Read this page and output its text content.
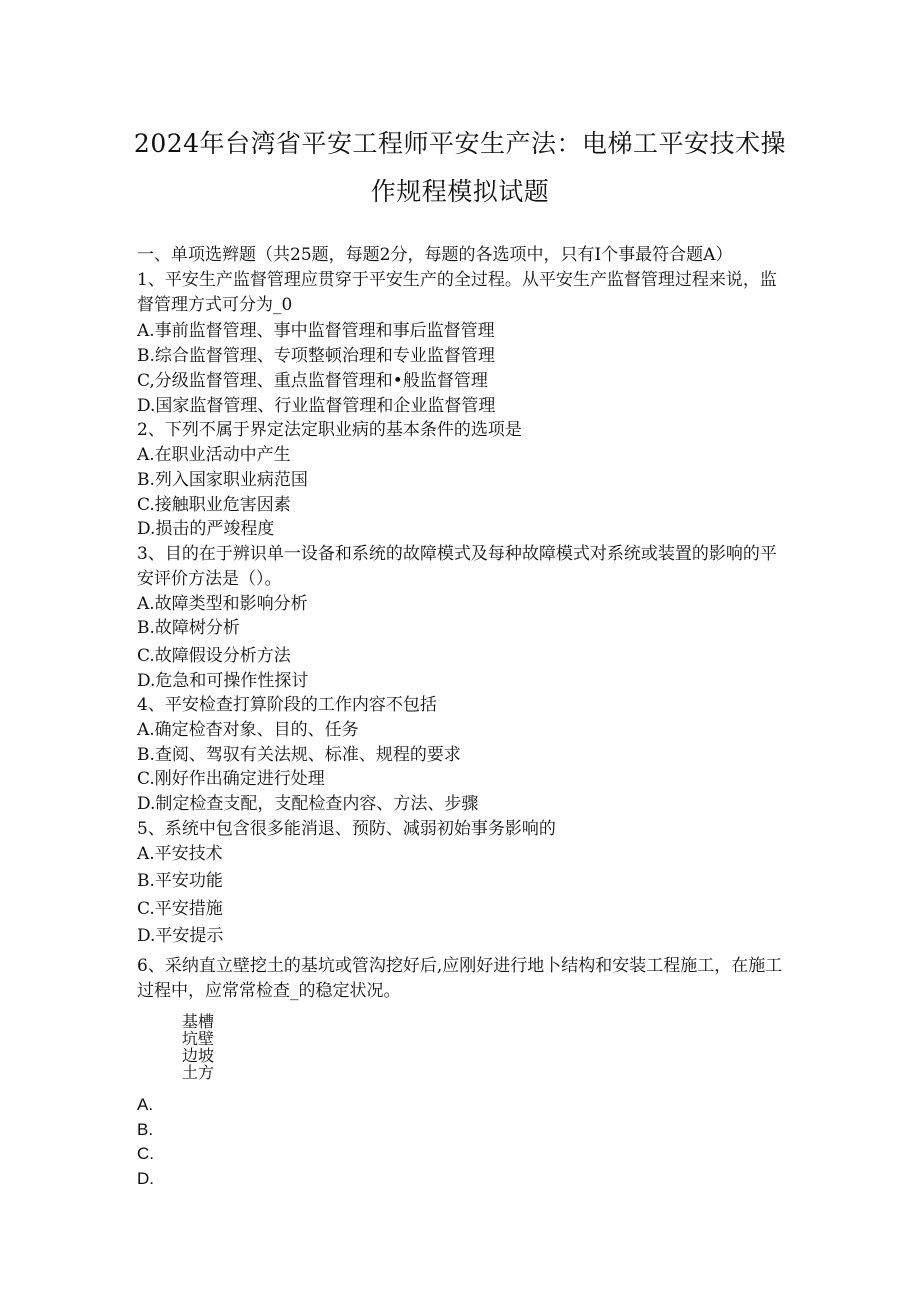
2024年台湾省平安工程师平安生产法：电梯工平安技术操
作规程模拟试题
一、单项选辫题（共25题，每题2分，每题的各选项中，只有I个事最符合题A）
1、平安生产监督管理应贯穿于平安生产的全过程。从平安生产监督管理过程来说，监督管理方式可分为_0
A.事前监督管理、事中监督管理和事后监督管理
B.综合监督管理、专项整顿治理和专业监督管理
C,分级监督管理、重点监督管理和•般监督管理
D.国家监督管理、行业监督管理和企业监督管理
2、下列不属于界定法定职业病的基本条件的选项是
A.在职业活动中产生
B.列入国家职业病范国
C.接触职业危害因素
D.损击的严竣程度
3、目的在于辨识单一设备和系统的故障模式及每种故障模式对系统或装置的影响的平安评价方法是（）。
A.故障类型和影响分析
B.故障树分析
C.故障假设分析方法
D.危急和可操作性探讨
4、平安检查打算阶段的工作内容不包括
A.确定检杳对象、目的、任务
B.查阅、驾驭有关法规、标准、规程的要求
C.刚好作出确定进行处理
D.制定检查支配，支配检查内容、方法、步骤
5、系统中包含很多能消退、预防、减弱初始事务影响的
A.平安技术
B.平安功能
C.平安措施
D.平安提示
6、采纳直立壁挖土的基坑或管沟挖好后,应刚好进行地卜结构和安装工程施工，在施工过程中，应常常检查_的稳定状况。
基槽
坑壁
边坡
土方
A.
B.
C.
D.
